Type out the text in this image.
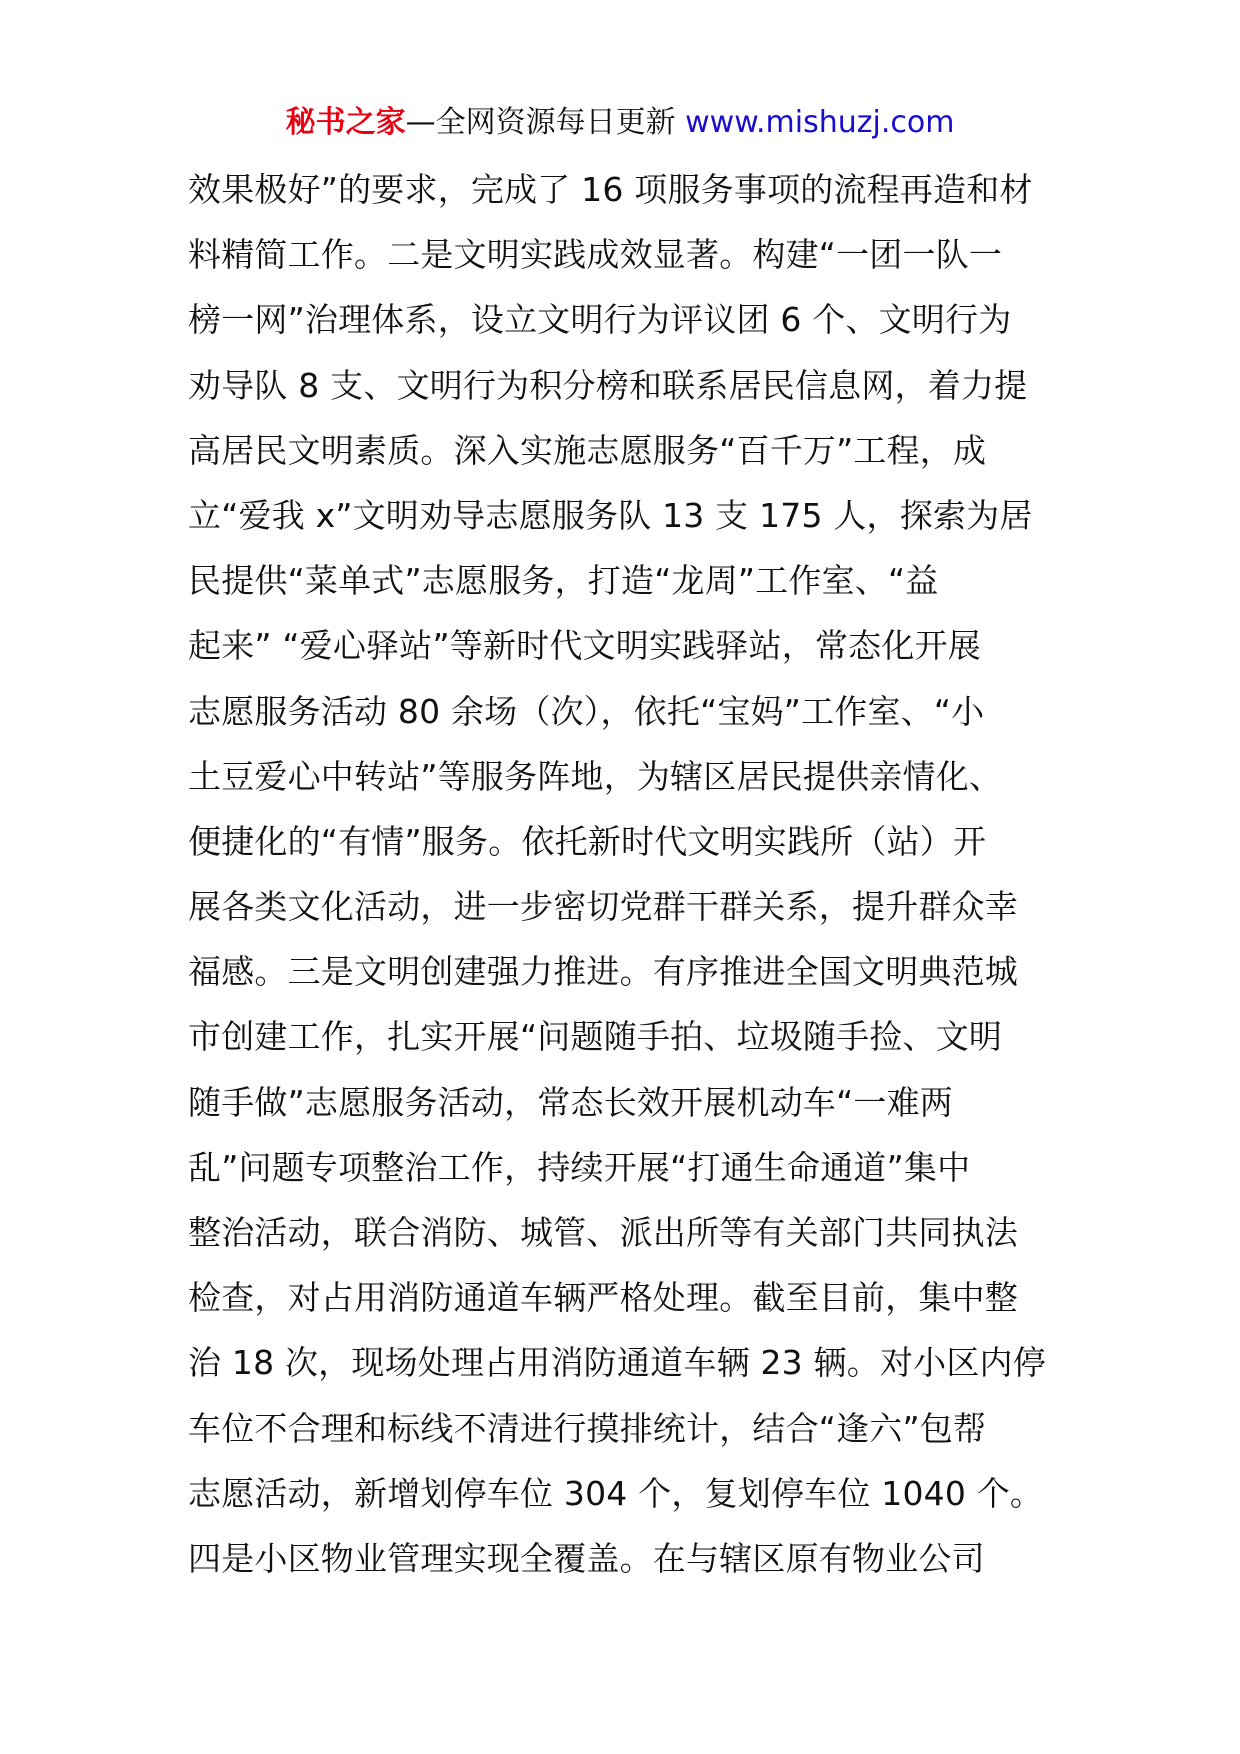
秘书之家—全网资源每日更新 www.mishuzj.com
效果极好”的要求，完成了 16 项服务事项的流程再造和材
料精简工作。二是文明实践成效显著。构建“一团一队一
榜一网”治理体系，设立文明行为评议团 6 个、文明行为
劝导队 8 支、文明行为积分榜和联系居民信息网，着力提
高居民文明素质。深入实施志愿服务“百千万”工程，成
立“爱我 x”文明劝导志愿服务队 13 支 175 人，探索为居
民提供“菜单式”志愿服务，打造“龙周”工作室、“益
起来” “爱心驿站”等新时代文明实践驿站，常态化开展
志愿服务活动 80 余场（次），依托“宝妈”工作室、“小
土豆爱心中转站”等服务阵地，为辖区居民提供亲情化、
便捷化的“有情”服务。依托新时代文明实践所（站）开
展各类文化活动，进一步密切党群干群关系，提升群众幸
福感。三是文明创建强力推进。有序推进全国文明典范城
市创建工作，扎实开展“问题随手拍、垃圾随手捡、文明
随手做”志愿服务活动，常态长效开展机动车“一难两
乱”问题专项整治工作，持续开展“打通生命通道”集中
整治活动，联合消防、城管、派出所等有关部门共同执法
检查，对占用消防通道车辆严格处理。截至目前，集中整
治 18 次，现场处理占用消防通道车辆 23 辆。对小区内停
车位不合理和标线不清进行摸排统计，结合“逢六”包帮
志愿活动，新增划停车位 304 个，复划停车位 1040 个。
四是小区物业管理实现全覆盖。在与辖区原有物业公司
